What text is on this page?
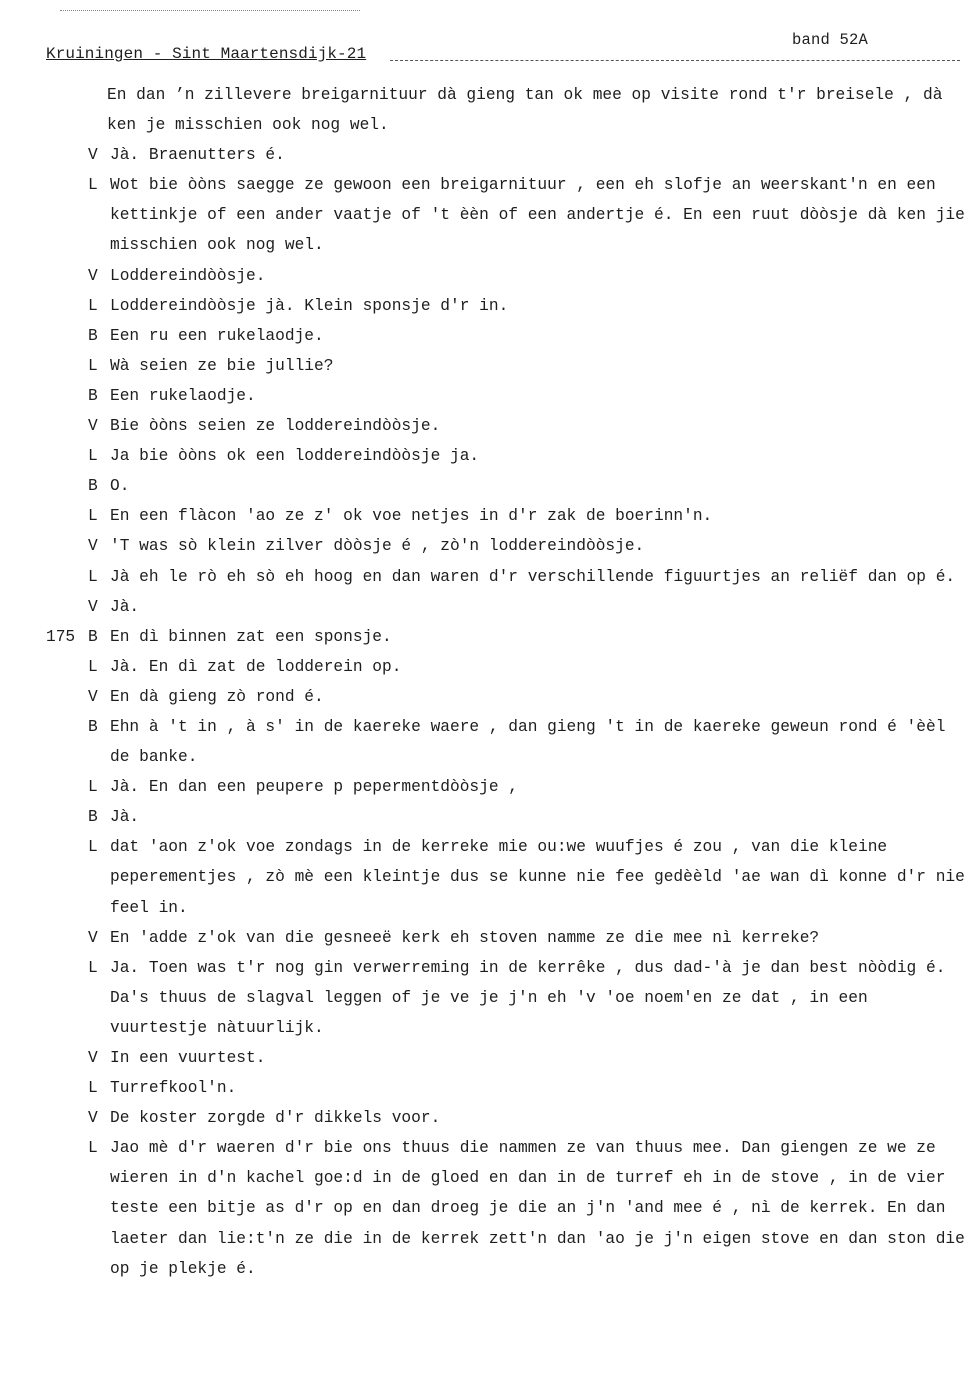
band 52A
Kruiningen - Sint Maartensdijk-21
En dan ’n zillevere breigarnituur dà gieng tan ok mee op visite rond t'r breisele , dà ken je misschien ook nog wel.
V Jà. Braenutters é.
L Wot bie òòns saegge ze gewoon een breigarnituur , een eh slofje an weerskant'n en een kettinkje of een ander vaatje of 't èèn of een andertje é. En een ruut dòòsje dà ken jie misschien ook nog wel.
V Loddereindòòsje.
L Loddereindòòsje jà. Klein sponsje d'r in.
B Een ru een rukelaodje.
L Wà seien ze bie jullie?
B Een rukelaodje.
V Bie òòns seien ze loddereindòòsje.
L Ja bie òòns ok een loddereindòòsje ja.
B O.
L En een flàcon 'ao ze z' ok voe netjes in d'r zak de boerinn'n.
V 'T was sò klein zilver dòòsje é , zò'n loddereindòòsje.
L Jà eh le rò eh sò eh hoog en dan waren d'r verschillende figuurtjes an reliëf dan op é.
V Jà.
175 B En dì binnen zat een sponsje.
L Jà. En dì zat de lodderein op.
V En dà gieng zò rond é.
B Ehn à 't in , à s' in de kaereke waere , dan gieng 't in de kaereke geweun rond é 'èèl de banke.
L Jà. En dan een peupere p pepermentdòòsje ,
B Jà.
L dat 'aon z'ok voe zondags in de kerreke mie ou:we wuufjes é zou , van die kleine peperementjes , zò mè een kleintje dus se kunne nie fee gedèèld 'ae wan dì konne d'r nie feel in.
V En 'adde z'ok van die gesneeë kerk eh stoven namme ze die mee nì kerreke?
L Ja. Toen was t'r nog gin verwerreming in de kerrêke , dus dad-'à je dan best nòòdig é. Da's thuus de slagval leggen of je ve je j'n eh 'v 'oe noem'en ze dat , in een vuurtestje nàtuurlijk.
V In een vuurtest.
L Turrefkool'n.
V De koster zorgde d'r dikkels voor.
L Jao mè d'r waeren d'r bie ons thuus die nammen ze van thuus mee. Dan giengen ze we ze wieren in d'n kachel goe:d in de gloed en dan in de turref eh in de stove , in de vier teste een bitje as d'r op en dan droeg je die an j'n 'and mee é , nì de kerrek. En dan laeter dan lie:t'n ze die in de kerrek zett'n dan 'ao je j'n eigen stove en dan ston die op je plekje é.
